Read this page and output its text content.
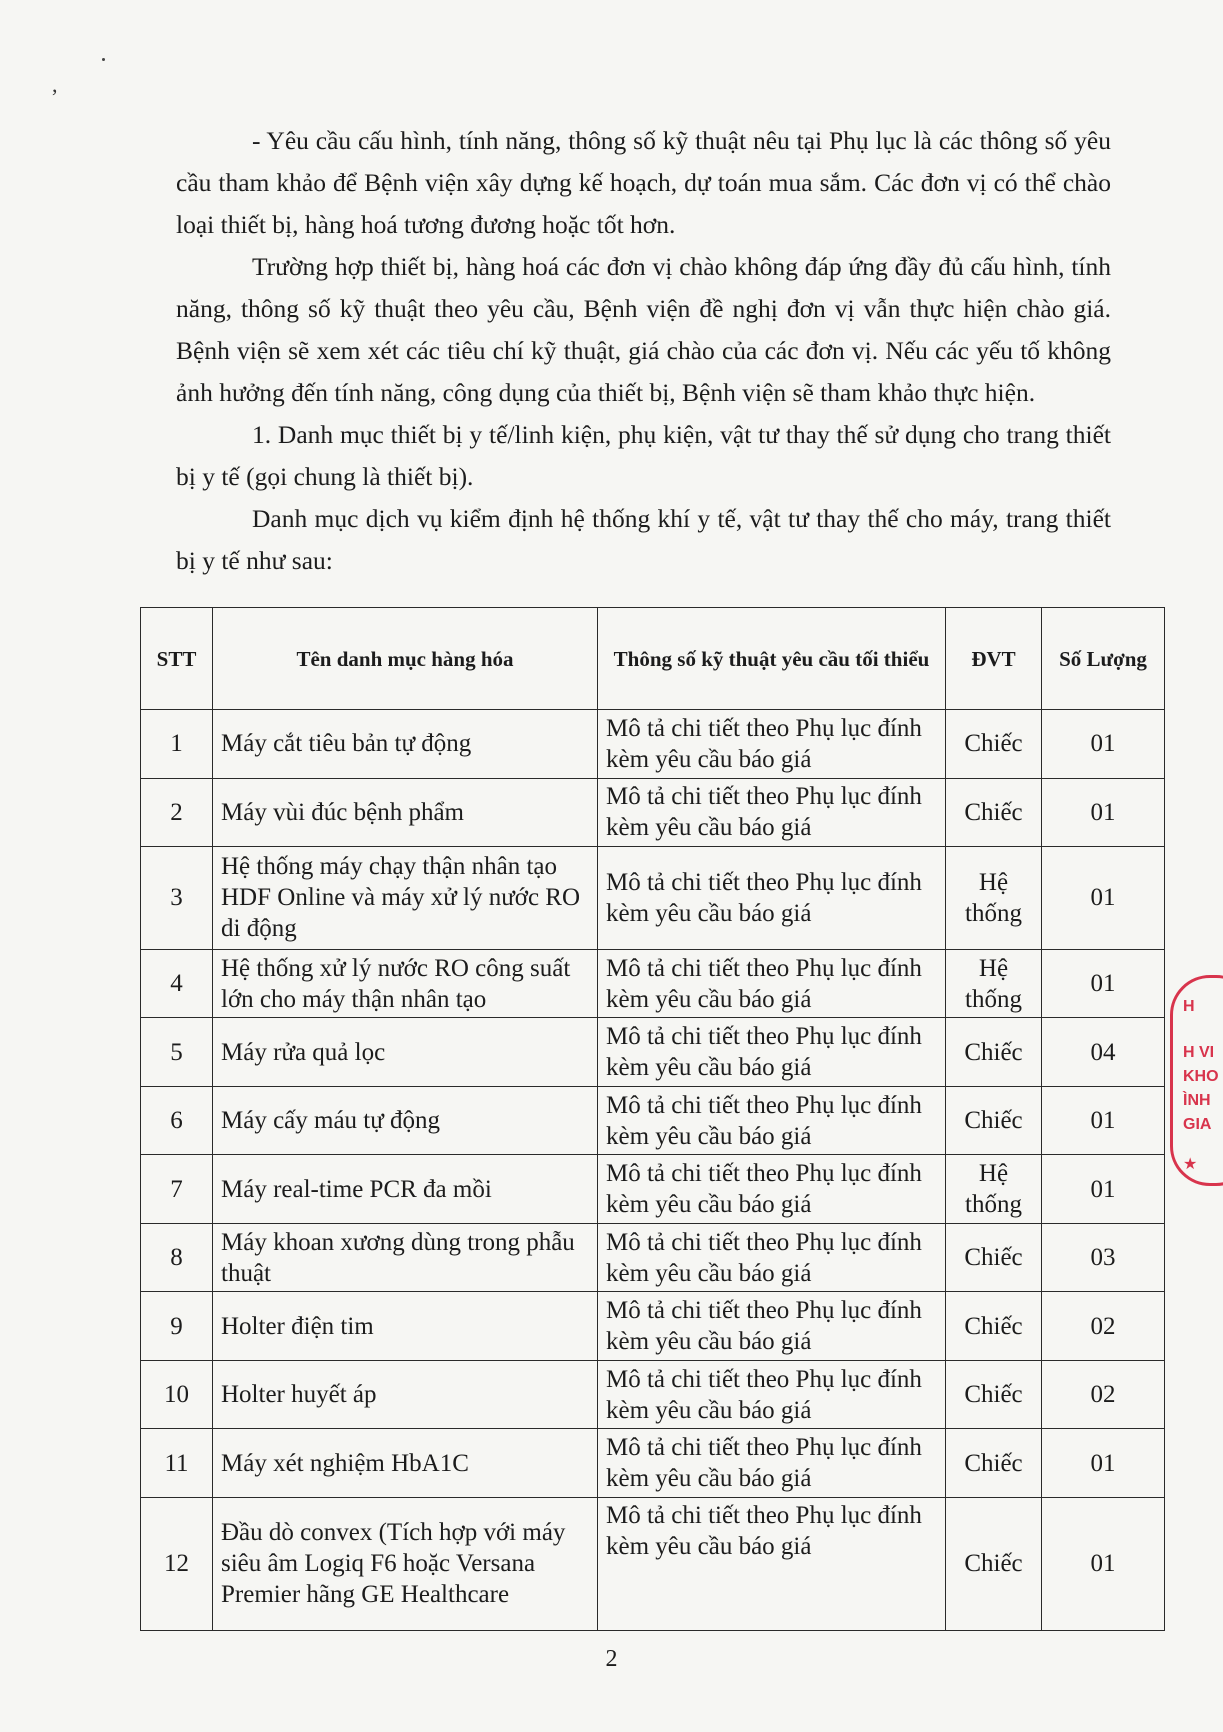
,

- Yêu cầu cấu hình, tính năng, thông số kỹ thuật nêu tại Phụ lục là các thông số yêu cầu tham khảo để Bệnh viện xây dựng kế hoạch, dự toán mua sắm. Các đơn vị có thể chào loại thiết bị, hàng hoá tương đương hoặc tốt hơn.

Trường hợp thiết bị, hàng hoá các đơn vị chào không đáp ứng đầy đủ cấu hình, tính năng, thông số kỹ thuật theo yêu cầu, Bệnh viện đề nghị đơn vị vẫn thực hiện chào giá. Bệnh viện sẽ xem xét các tiêu chí kỹ thuật, giá chào của các đơn vị. Nếu các yếu tố không ảnh hưởng đến tính năng, công dụng của thiết bị, Bệnh viện sẽ tham khảo thực hiện.

1. Danh mục thiết bị y tế/linh kiện, phụ kiện, vật tư thay thế sử dụng cho trang thiết bị y tế (gọi chung là thiết bị).

Danh mục dịch vụ kiểm định hệ thống khí y tế, vật tư thay thế cho máy, trang thiết bị y tế như sau:

STT	Tên danh mục hàng hóa	Thông số kỹ thuật yêu cầu tối thiểu	ĐVT	Số Lượng
1	Máy cắt tiêu bản tự động	Mô tả chi tiết theo Phụ lục đính kèm yêu cầu báo giá	Chiếc	01
2	Máy vùi đúc bệnh phẩm	Mô tả chi tiết theo Phụ lục đính kèm yêu cầu báo giá	Chiếc	01
3	Hệ thống máy chạy thận nhân tạo HDF Online và máy xử lý nước RO di động	Mô tả chi tiết theo Phụ lục đính kèm yêu cầu báo giá	Hệ thống	01
4	Hệ thống xử lý nước RO công suất lớn cho máy thận nhân tạo	Mô tả chi tiết theo Phụ lục đính kèm yêu cầu báo giá	Hệ thống	01
5	Máy rửa quả lọc	Mô tả chi tiết theo Phụ lục đính kèm yêu cầu báo giá	Chiếc	04
6	Máy cấy máu tự động	Mô tả chi tiết theo Phụ lục đính kèm yêu cầu báo giá	Chiếc	01
7	Máy real-time PCR đa mồi	Mô tả chi tiết theo Phụ lục đính kèm yêu cầu báo giá	Hệ thống	01
8	Máy khoan xương dùng trong phẫu thuật	Mô tả chi tiết theo Phụ lục đính kèm yêu cầu báo giá	Chiếc	03
9	Holter điện tim	Mô tả chi tiết theo Phụ lục đính kèm yêu cầu báo giá	Chiếc	02
10	Holter huyết áp	Mô tả chi tiết theo Phụ lục đính kèm yêu cầu báo giá	Chiếc	02
11	Máy xét nghiệm HbA1C	Mô tả chi tiết theo Phụ lục đính kèm yêu cầu báo giá	Chiếc	01
12	Đầu dò convex (Tích hợp với máy siêu âm Logiq F6 hoặc Versana Premier hãng GE Healthcare	Mô tả chi tiết theo Phụ lục đính kèm yêu cầu báo giá	Chiếc	01
2
H
H VI
KHO
ÌNH
GIA
★
